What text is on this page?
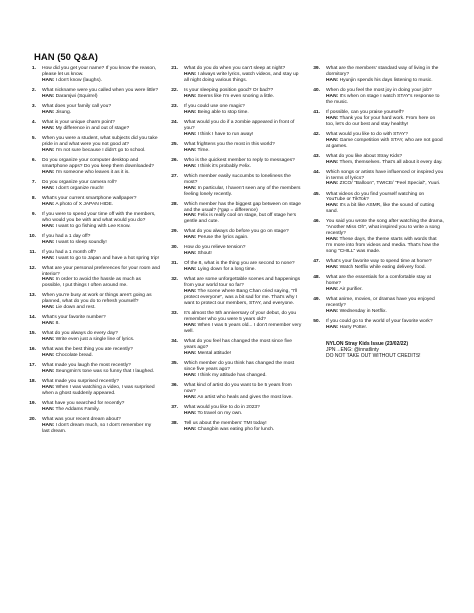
HAN (50 Q&A)
1.	How did you get your name? If you know the reason, please let us know.
HAN: I don't know (laughs).
2.	What nickname were you called when you were little?
HAN: Daramjwi (Squirrel)
3.	What does your family call you?
HAN: Jisung.
4.	What is your unique charm point?
HAN: My difference in and out of stage?
5.	When you were a student, what subjects did you take pride in and what were you not good at?
HAN: I'm not sure because I didn't go to school.
6.	Do you organize your computer desktop and smartphone apps? Do you keep them downloaded?
HAN: I'm someone who leaves it as it is.
7.	Do you organize your camera roll?
HAN: I don't organize much!
8.	What's your current smartphone wallpaper?
HAN: A photo of X JAPAN HIDE.
9.	If you were to spend your time off with the members, who would you be with and what would you do?
HAN: I want to go fishing with Lee Know.
10.	If you had a 1 day off?
HAN: I want to sleep soundly!
11.	If you had a 1 month off?
HAN: I want to go to Japan and have a hot spring trip!
12.	What are your personal preferences for your room and interior?
HAN: In order to avoid the hassle as much as possible, I put things I often around me.
13.	When you're busy at work or things aren't going as planned, what do you do to refresh yourself?
HAN: Lie down and rest.
14.	What's your favorite number?
HAN: 8.
15.	What do you always do every day?
HAN: Write even just a single line of lyrics.
16.	What was the best thing you ate recently?
HAN: Chocolate bread.
17.	What made you laugh the most recently?
HAN: Seungmin's tone was so funny that I laughed.
18.	What made you surprised recently?
HAN: When I was watching a video, I was surprised when a ghost suddenly appeared.
19.	What have you searched for recently?
HAN: The Addams Family.
20.	What was your recent dream about?
HAN: I don't dream much, so I don't remember my last dream.
21.	What do you do when you can't sleep at night?
HAN: I always write lyrics, watch videos, and stay up all night doing various things.
22.	Is your sleeping position good? Or bad??
HAN: Seems like I'm even snoring a little.
23.	If you could use one magic?
HAN: Being able to stop time.
24.	What would you do if a zombie appeared in front of you?
HAN: I think I have to run away!
25.	What frightens you the most in this world?
HAN: Time.
26.	Who is the quickest member to reply to messages?
HAN: I think it's probably Felix.
27.	Which member easily succumbs to loneliness the most?
HAN: In particular, I haven't seen any of the members feeling lonely recently.
28.	Which member has the biggest gap between on stage and the usual? (*gap = difference)
HAN: Felix is really cool on stage, but off stage he's gentle and cute.
29.	What do you always do before you go on stage?
HAN: Peruse the lyrics again.
30.	How do you relieve tension?
HAN: Shout!
31.	Of the 8, what is the thing you are second to none?
HAN: Lying down for a long time.
32.	What are some unforgettable scenes and happenings from your world tour so far?
HAN: The scene where Bang Chan cried saying, "I'll protect everyone", was a bit sad for me. That's why I want to protect our members, STAY, and everyone.
33.	It's almost the 5th anniversary of your debut, do you remember who you were 5 years old?
HAN: When I was 5 years old... I don't remember very well.
34.	What do you feel has changed the most since five years ago?
HAN: Mental attitude!
35.	Which member do you think has changed the most since five years ago?
HAN: I think my attitude has changed.
36.	What kind of artist do you want to be 5 years from now?
HAN: An artist who heals and gives the most love.
37.	What would you like to do in 2023?
HAN: To travel on my own.
38.	Tell us about the members' TMI today!
HAN: Changbin was eating pho for lunch.
39.	What are the members' standard way of living in the dormitory?
HAN: Hyunjin spends his days listening to music.
40.	When do you feel the most joy in doing your job?
HAN: It's when on stage I watch STAY's response to the music.
41.	If possible, can you praise yourself?
HAN: Thank you for your hard work. From here on too, let's do our best and stay healthy!
42.	What would you like to do with STAY?
HAN: Game competition with STAY, who are not good at games.
43.	What do you like about Stray Kids?
HAN: Them, themselves. That's all about it every day.
44.	Which songs or artists have influenced or inspired you in terms of lyrics?
HAN: ZICO/ "Balloon", TWICE/ "Feel Special", Yuuri.
45.	What videos do you find yourself watching on YouTube or TikTok?
HAN: It's a bit like ASMR, like the sound of cutting sand.
46.	You said you wrote the song after watching the drama, "Another Miss Oh", what inspired you to write a song recently?
HAN: These days, the theme starts with words that I'm more into from videos and media. That's how the song "CHILL" was made.
47.	What's your favorite way to spend time at home?
HAN: Watch Netflix while eating delivery food.
48.	What are the essentials for a comfortable stay at home?
HAN: Air purifier.
49.	What anime, movies, or dramas have you enjoyed recently?
HAN: Wednesday in Netflix.
50.	If you could go to the world of your favorite work?
HAN: Harry Potter.
NYLON Stray Kids Issue (23/02/22)
JPN→ENG: @innatlinty
DO NOT TAKE OUT WITHOUT CREDITS!
